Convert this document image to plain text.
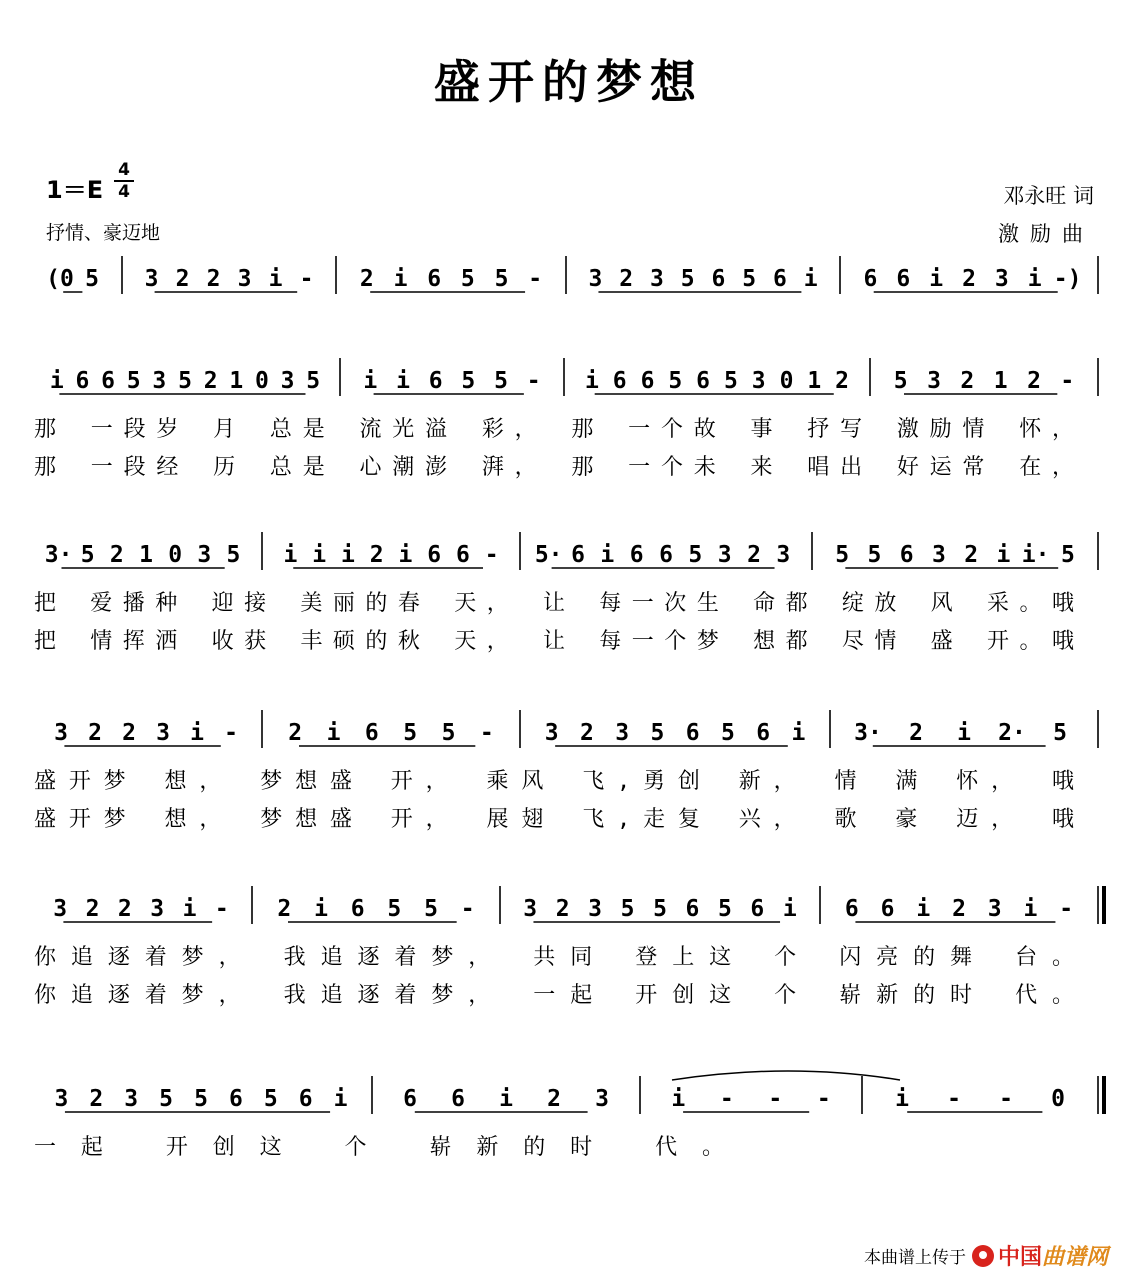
盛开的梦想
$1=E \frac{4}{4}$
抒情、豪迈地
邓永旺 词
激励曲
(0 5 3 2 2 3 i - 2 i 6 5 5 - 3 2 3 5 6 5 6 i 6 6 i 2 3 i -)
i 6 6 5 3 5 2 1 0 3 5 i i 6 5 5 - i 6 6 5 6 5 3 0 1 2 5 3 2 1 2 -
那 一段岁 月 总是 流光溢 彩， 那 一个故 事 抒写 激励情 怀，
那 一段经 历 总是 心潮澎 湃， 那 一个未 来 唱出 好运常 在，
3· 5 2 1 0 3 5 i i i 2 i 6 6 - 5· 6 i 6 6 5 3 2 3 5 5 6 3 2 i i· 5
把 爱播种 迎接 美丽的春 天， 让 每一次生 命都 绽放 风 采。哦
把 情挥洒 收获 丰硕的秋 天， 让 每一个梦 想都 尽情 盛 开。哦
3 2 2 3 i - 2 i 6 5 5 - 3 2 3 5 6 5 6 i 3· 2 i 2· 5
盛开梦 想， 梦想盛 开， 乘风 飞,勇创 新， 情 满 怀， 哦
盛开梦 想， 梦想盛 开， 展翅 飞,走复 兴， 歌 豪 迈， 哦
3 2 2 3 i - 2 i 6 5 5 - 3 2 3 5 5 6 5 6 i 6 6 i 2 3 i -
你追逐着梦， 我追逐着梦， 共同 登上这 个 闪亮的舞 台。
你追逐着梦， 我追逐着梦， 一起 开创这 个 崭新的时 代。
3 2 3 5 5 6 5 6 i 6 6 i 2 3	i - - -	i - - 0
一起 开创这 个 崭新的时 代。
本曲谱上传于 中国 曲谱网
